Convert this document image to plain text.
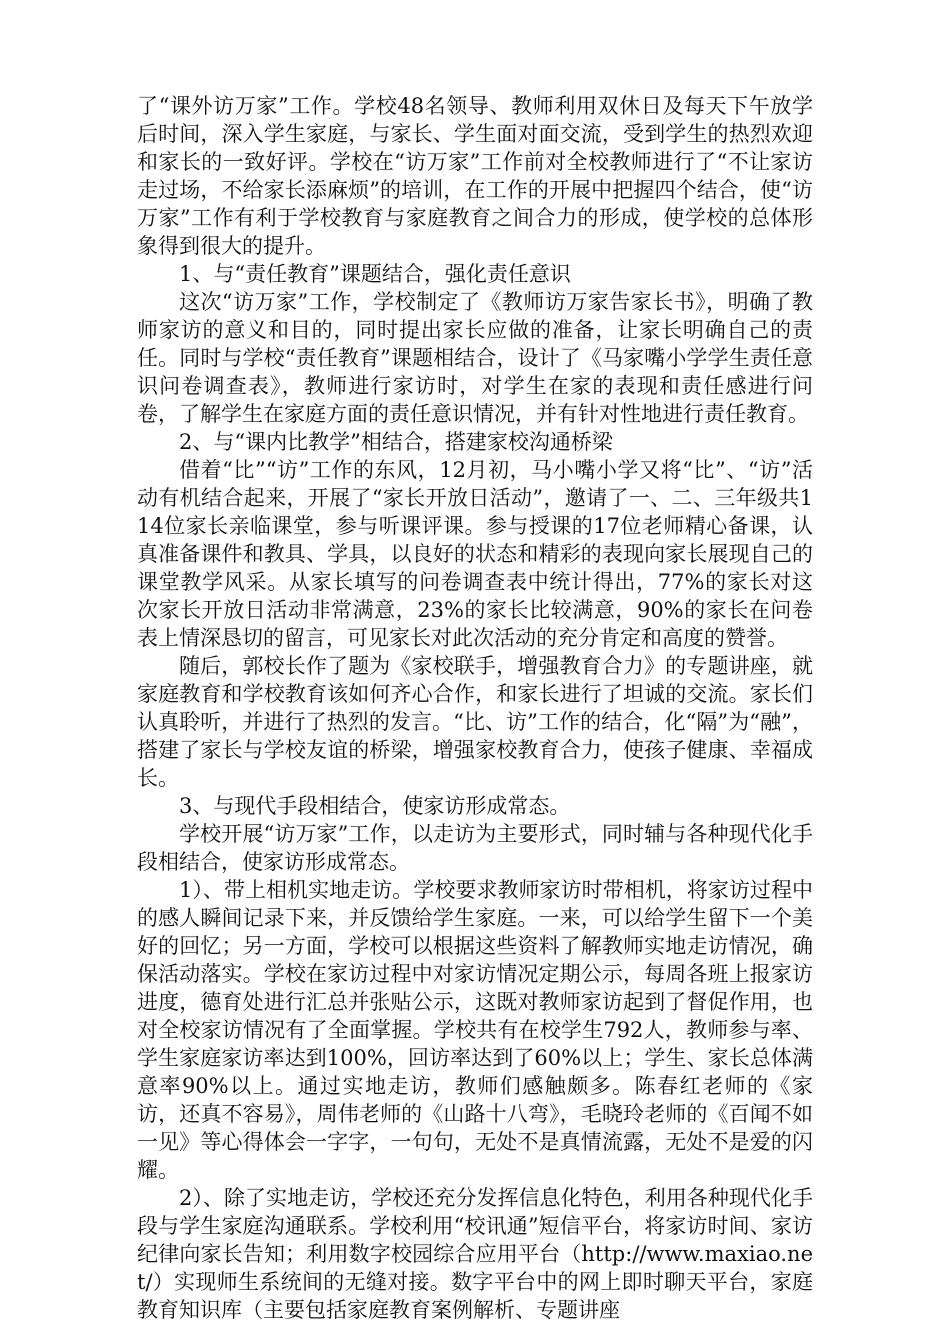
了“课外访万家”工作。学校48名领导、教师利用双休日及每天下午放学后时间，深入学生家庭，与家长、学生面对面交流，受到学生的热烈欢迎和家长的一致好评。学校在“访万家”工作前对全校教师进行了“不让家访走过场，不给家长添麻烦”的培训，在工作的开展中把握四个结合，使“访万家”工作有利于学校教育与家庭教育之间合力的形成，使学校的总体形象得到很大的提升。

1、与“责任教育”课题结合，强化责任意识

这次“访万家”工作，学校制定了《教师访万家告家长书》，明确了教师家访的意义和目的，同时提出家长应做的准备，让家长明确自己的责任。同时与学校“责任教育”课题相结合，设计了《马家嘴小学学生责任意识问卷调查表》，教师进行家访时，对学生在家的表现和责任感进行问卷，了解学生在家庭方面的责任意识情况，并有针对性地进行责任教育。

2、与“课内比教学”相结合，搭建家校沟通桥梁

借着“比”“访”工作的东风，12月初，马小嘴小学又将“比”、“访”活动有机结合起来，开展了“家长开放日活动”，邀请了一、二、三年级共114位家长亲临课堂，参与听课评课。参与授课的17位老师精心备课，认真准备课件和教具、学具，以良好的状态和精彩的表现向家长展现自己的课堂教学风采。从家长填写的问卷调查表中统计得出，77%的家长对这次家长开放日活动非常满意，23%的家长比较满意，90%的家长在问卷表上情深恳切的留言，可见家长对此次活动的充分肯定和高度的赞誉。

随后，郭校长作了题为《家校联手，增强教育合力》的专题讲座，就家庭教育和学校教育该如何齐心合作，和家长进行了坦诚的交流。家长们认真聆听，并进行了热烈的发言。“比、访”工作的结合，化“隔”为“融”，搭建了家长与学校友谊的桥梁，增强家校教育合力，使孩子健康、幸福成长。

3、与现代手段相结合，使家访形成常态。

学校开展“访万家”工作，以走访为主要形式，同时辅与各种现代化手段相结合，使家访形成常态。

1）、带上相机实地走访。学校要求教师家访时带相机，将家访过程中的感人瞬间记录下来，并反馈给学生家庭。一来，可以给学生留下一个美好的回忆；另一方面，学校可以根据这些资料了解教师实地走访情况，确保活动落实。学校在家访过程中对家访情况定期公示，每周各班上报家访进度，德育处进行汇总并张贴公示，这既对教师家访起到了督促作用，也对全校家访情况有了全面掌握。学校共有在校学生792人，教师参与率、学生家庭家访率达到100%，回访率达到了60%以上；学生、家长总体满意率90%以上。通过实地走访，教师们感触颇多。陈春红老师的《家访，还真不容易》，周伟老师的《山路十八弯》，毛晓玲老师的《百闻不如一见》等心得体会一字字，一句句，无处不是真情流露，无处不是爱的闪耀。

2）、除了实地走访，学校还充分发挥信息化特色，利用各种现代化手段与学生家庭沟通联系。学校利用“校讯通”短信平台，将家访时间、家访纪律向家长告知；利用数字校园综合应用平台（http://www.maxiao.net/）实现师生系统间的无缝对接。数字平台中的网上即时聊天平台，家庭教育知识库（主要包括家庭教育案例解析、专题讲座
